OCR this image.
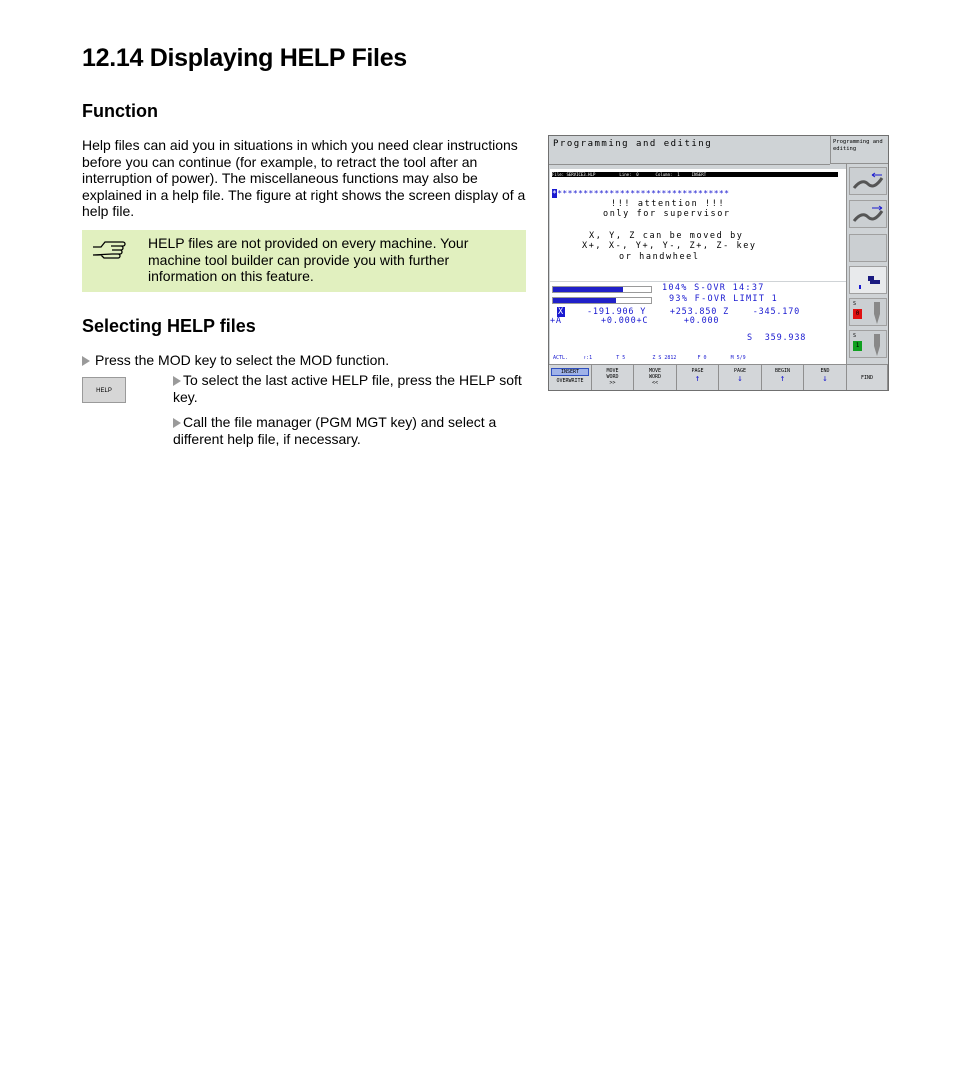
12.14 Displaying HELP Files
Function

Help files can aid you in situations in which you need clear instructions before you can continue (for example, to retract the tool after an interruption of power). The miscellaneous functions may also be explained in a help file. The figure at right shows the screen display of a help file.

HELP files are not provided on every machine. Your machine tool builder can provide you with further information on this feature.

Selecting HELP files

Press the MOD key to select the MOD function.

HELP

To select the last active HELP file, press the HELP soft key.

Call the file manager (PGM MGT key) and select a different help file, if necessary.

Programming and editing	Programming and editing
File: SERVICE3.HLP          Line:  0       Column:  1     INSERT
**********************************
!!! attention !!!
only for supervisor
X, Y, Z can be moved by
X+, X-, Y+, Y-, Z+, Z- key
or handwheel
104% S-OVR 14:37
93% F-OVR LIMIT 1
X	-191.906 Y    +253.850 Z    -345.170
+A	+0.000+C      +0.000
S  359.938
ACTL.     ↑:1        T 5         Z S 2812       F 0        M 5/9
S
0
S
1
INSERT
OVERWRITE
MOVE
WORD
>>
MOVE
WORD
<<
PAGE
↑
PAGE
↓
BEGIN
↑
END
↓	FIND
